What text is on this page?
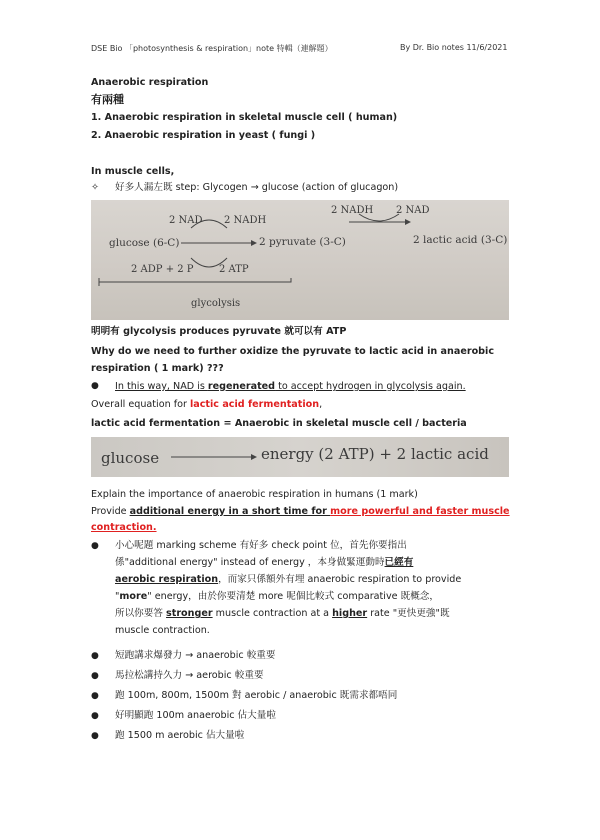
DSE Bio 「photosynthesis & respiration」note 特輯（連解題）	By Dr. Bio notes 11/6/2021
Anaerobic respiration
有兩種
1. Anaerobic respiration in skeletal muscle cell ( human)
2. Anaerobic respiration in yeast ( fungi )
In muscle cells,
✧ 好多人漏左既 step: Glycogen → glucose (action of glucagon)
2 NAD 2 NADH
2 NADH 2 NAD
glucose (6-C)	2 pyruvate (3-C)	2 lactic acid (3-C)
2 ADP + 2 P	2 ATP
glycolysis
明明有 glycolysis produces pyruvate 就可以有 ATP
Why do we need to further oxidize the pyruvate to lactic acid in anaerobic
respiration ( 1 mark) ???
● In this way, NAD is regenerated to accept hydrogen in glycolysis again.
Overall equation for lactic acid fermentation,
lactic acid fermentation = Anaerobic in skeletal muscle cell / bacteria
glucose	energy (2 ATP) + 2 lactic acid
Explain the importance of anaerobic respiration in humans (1 mark)
Provide additional energy in a short time for more powerful and faster muscle
contraction.
● 小心呢題 marking scheme 有好多 check point 位，首先你要指出
係"additional energy" instead of energy ，本身做緊運動時已經有
aerobic respiration，而家只係額外有埋 anaerobic respiration to provide
"more" energy，由於你要清楚 more 呢個比較式 comparative 既概念，
所以你要答 stronger muscle contraction at a higher rate "更快更強"既
muscle contraction.
● 短跑講求爆發力 → anaerobic 較重要
● 馬拉松講持久力 → aerobic 較重要
● 跑 100m, 800m, 1500m 對 aerobic / anaerobic 既需求都唔同
● 好明顯跑 100m anaerobic 佔大量啦
● 跑 1500 m aerobic 佔大量啦
